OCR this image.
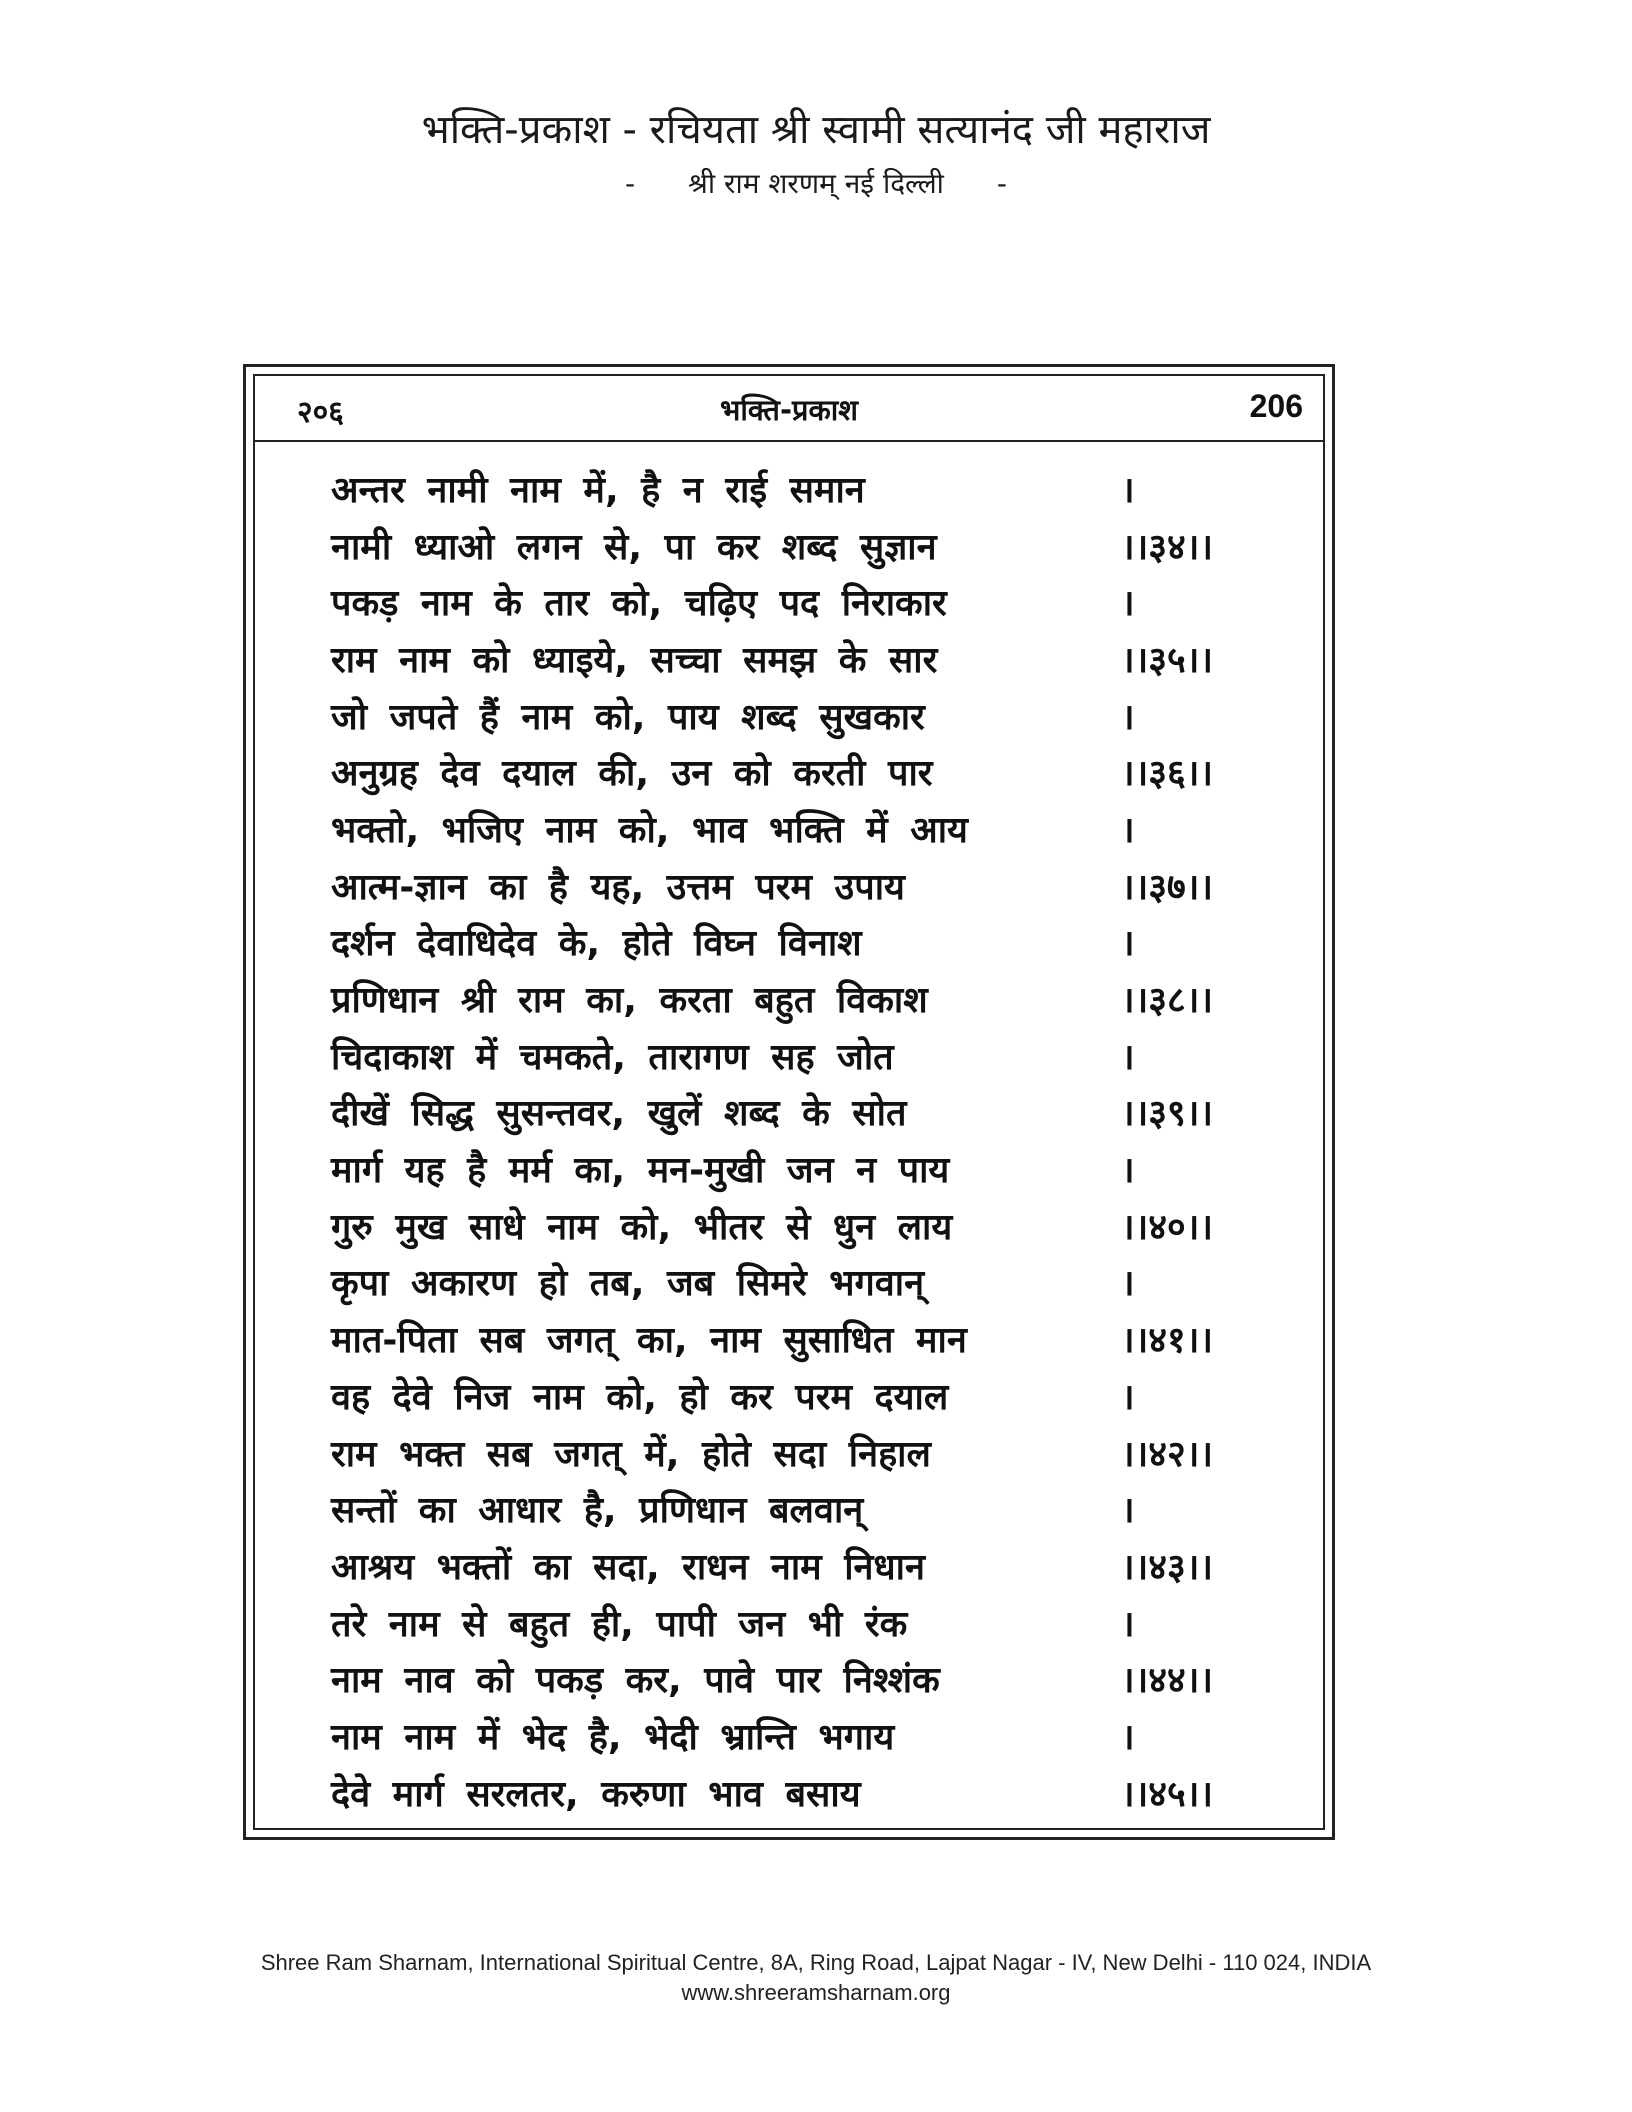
भक्ति-प्रकाश - रचियता श्री स्वामी सत्यानंद जी महाराज
- श्री राम शरणम् नई दिल्ली -
२०६	भक्ति-प्रकाश	206
अन्तर नामी नाम में, है न राई समान	।
नामी ध्याओ लगन से, पा कर शब्द सुज्ञान	।।३४।।
पकड़ नाम के तार को, चढ़िए पद निराकार	।
राम नाम को ध्याइये, सच्चा समझ के सार	।।३५।।
जो जपते हैं नाम को, पाय शब्द सुखकार	।
अनुग्रह देव दयाल की, उन को करती पार	।।३६।।
भक्तो, भजिए नाम को, भाव भक्ति में आय	।
आत्म-ज्ञान का है यह, उत्तम परम उपाय	।।३७।।
दर्शन देवाधिदेव के, होते विघ्न विनाश	।
प्रणिधान श्री राम का, करता बहुत विकाश	।।३८।।
चिदाकाश में चमकते, तारागण सह जोत	।
दीखें सिद्ध सुसन्तवर, खुलें शब्द के सोत	।।३९।।
मार्ग यह है मर्म का, मन-मुखी जन न पाय	।
गुरु मुख साधे नाम को, भीतर से धुन लाय	।।४०।।
कृपा अकारण हो तब, जब सिमरे भगवान्	।
मात-पिता सब जगत् का, नाम सुसाधित मान	।।४१।।
वह देवे निज नाम को, हो कर परम दयाल	।
राम भक्त सब जगत् में, होते सदा निहाल	।।४२।।
सन्तों का आधार है, प्रणिधान बलवान्	।
आश्रय भक्तों का सदा, राधन नाम निधान	।।४३।।
तरे नाम से बहुत ही, पापी जन भी रंक	।
नाम नाव को पकड़ कर, पावे पार निश्शंक	।।४४।।
नाम नाम में भेद है, भेदी भ्रान्ति भगाय	।
देवे मार्ग सरलतर, करुणा भाव बसाय	।।४५।।
Shree Ram Sharnam, International Spiritual Centre, 8A, Ring Road, Lajpat Nagar - IV, New Delhi - 110 024, INDIA
www.shreeramsharnam.org
